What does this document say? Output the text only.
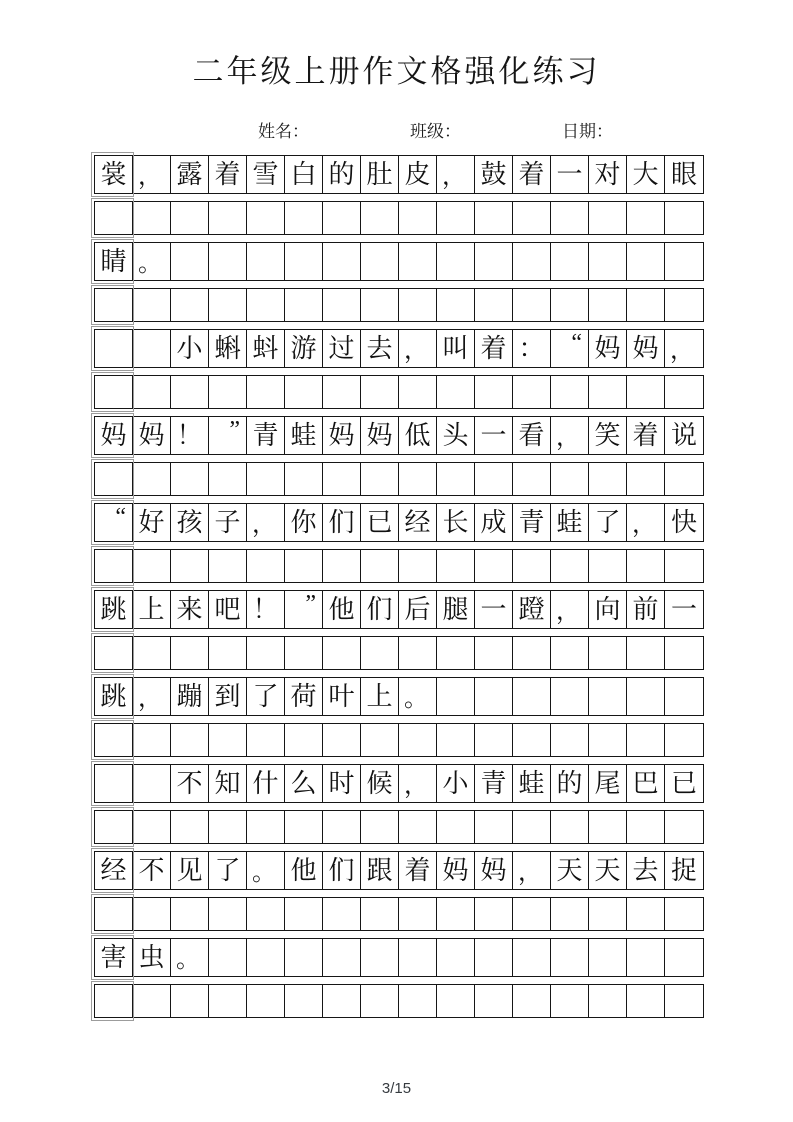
二年级上册作文格强化练习
姓名：	班级：	日期：
裳 ， 露 着 雪 白 的 肚 皮 ， 鼓 着 一 对 大 眼
睛 。
小 蝌 蚪 游 过 去 ， 叫 着 ：	“ 妈 妈 ，
妈 妈 ！	” 青 蛙 妈 妈 低 头 一 看 ， 笑 着 说
“ 好 孩 子 ， 你 们 已 经 长 成 青 蛙 了 ， 快
跳 上 来 吧 ！	” 他 们 后 腿 一 蹬 ， 向 前 一
跳 ， 蹦 到 了 荷 叶 上 。
不 知 什 么 时 候 ， 小 青 蛙 的 尾 巴 已
经 不 见 了 。 他 们 跟 着 妈 妈 ， 天 天 去 捉
害 虫 。
3/15
